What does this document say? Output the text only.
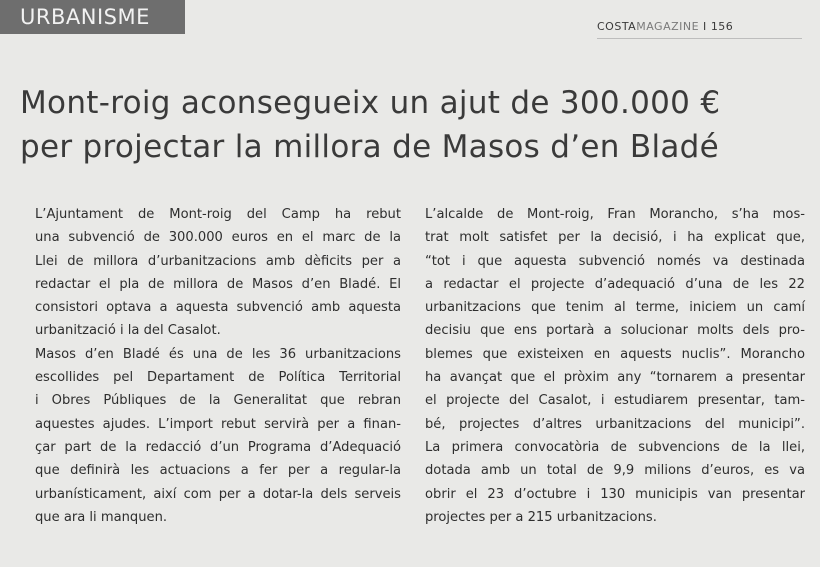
URBANISME	COSTAMAGAZINE I 156
Mont-roig aconsegueix un ajut de 300.000 €
per projectar la millora de Masos d’en Bladé
L’Ajuntament de Mont-roig del Camp ha rebut
una subvenció de 300.000 euros en el marc de la
Llei de millora d’urbanitzacions amb dèficits per a
redactar el pla de millora de Masos d’en Bladé. El
consistori optava a aquesta subvenció amb aquesta
urbanització i la del Casalot.
Masos d’en Bladé és una de les 36 urbanitzacions
escollides pel Departament de Política Territorial
i Obres Públiques de la Generalitat que rebran
aquestes ajudes. L’import rebut servirà per a finan-
çar part de la redacció d’un Programa d’Adequació
que definirà les actuacions a fer per a regular-la
urbanísticament, així com per a dotar-la dels serveis
que ara li manquen.
L’alcalde de Mont-roig, Fran Morancho, s’ha mos-
trat molt satisfet per la decisió, i ha explicat que,
“tot i que aquesta subvenció només va destinada
a redactar el projecte d’adequació d’una de les 22
urbanitzacions que tenim al terme, iniciem un camí
decisiu que ens portarà a solucionar molts dels pro-
blemes que existeixen en aquests nuclis”. Morancho
ha avançat que el pròxim any “tornarem a presentar
el projecte del Casalot, i estudiarem presentar, tam-
bé, projectes d’altres urbanitzacions del municipi”.
La primera convocatòria de subvencions de la llei,
dotada amb un total de 9,9 milions d’euros, es va
obrir el 23 d’octubre i 130 municipis van presentar
projectes per a 215 urbanitzacions.
